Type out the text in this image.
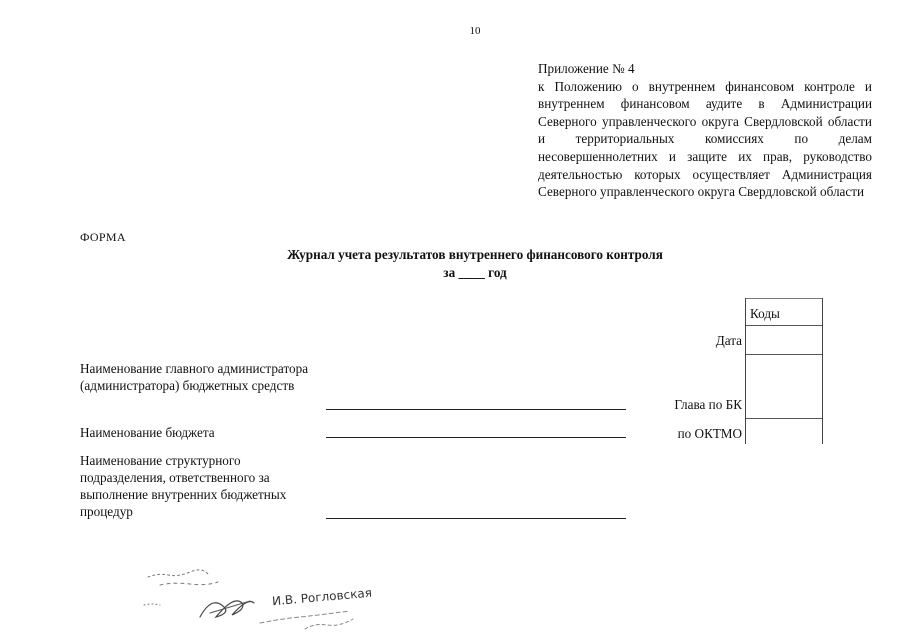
10
Приложение № 4
к Положению о внутреннем финансовом контроле и внутреннем финансовом аудите в Администрации Северного управленческого округа Свердловской области и территориальных комиссиях по делам несовершеннолетних и защите их прав, руководство деятельностью которых осуществляет Администрация Северного управленческого округа Свердловской области
ФОРМА
Журнал учета результатов внутреннего финансового контроля
за ____ год
Наименование главного администратора (администратора) бюджетных средств
Наименование бюджета
Наименование структурного подразделения, ответственного за выполнение внутренних бюджетных процедур
Дата
Глава по БК
по ОКТМО
Коды
И.В. Рогловская
